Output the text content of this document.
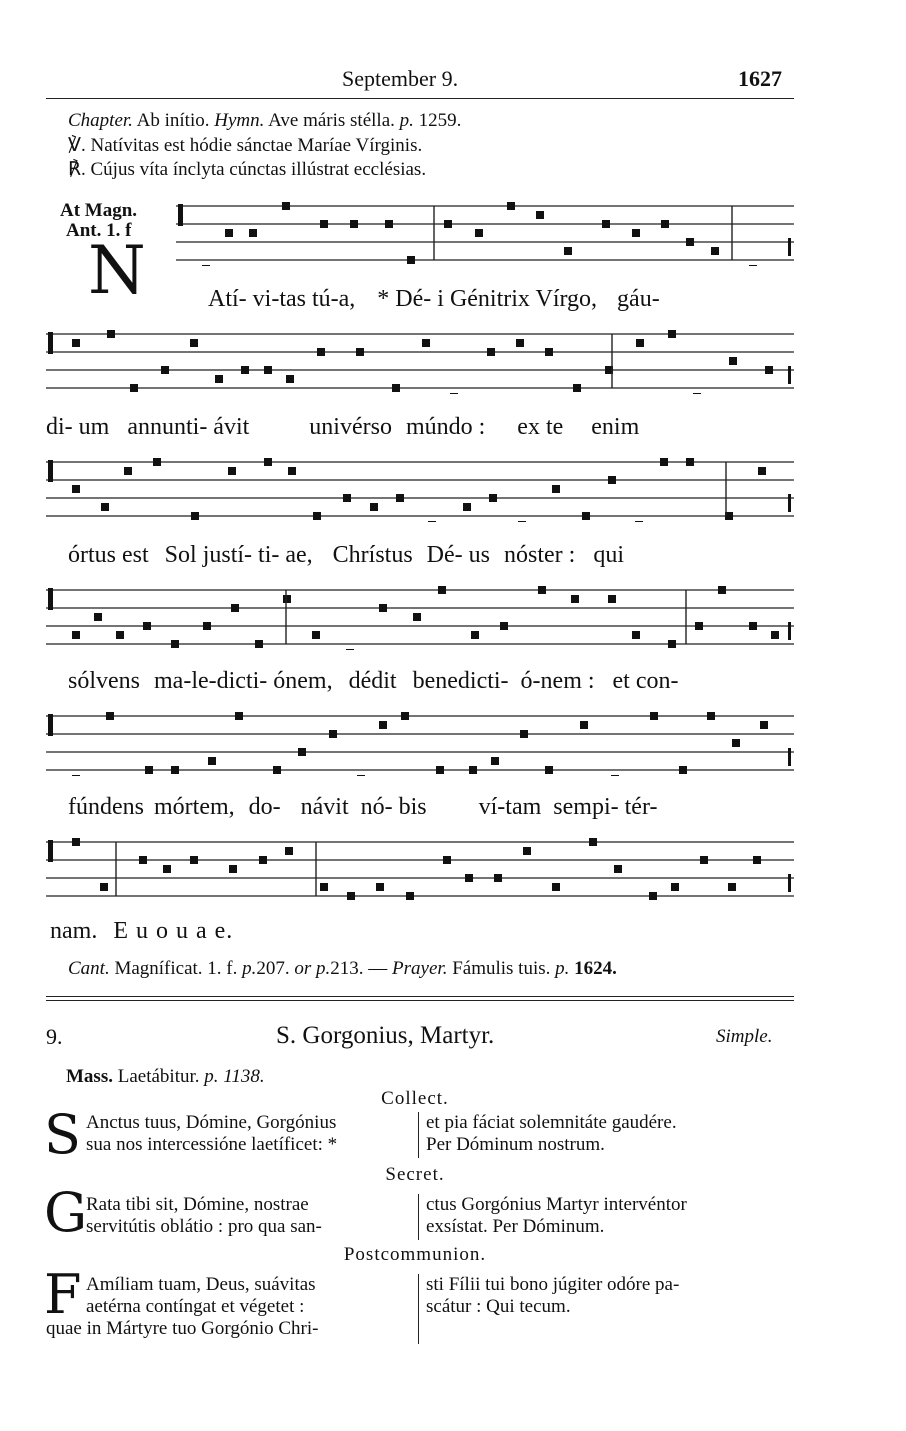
September 9.	1627
Chapter. Ab inítio. Hymn. Ave máris stélla. p. 1259.
℣. Natívitas est hódie sánctae Maríae Vírginis.
℟. Cújus víta ínclyta cúnctas illústrat ecclésias.
At Magn.
Ant. 1. f
N	Atí- vi-tas tú-a, * Dé- i Génitrix Vírgo, gáu-
di- um annunti- ávit	univérso múndo : ex te enim
órtus est Sol justí- ti- ae, Chrístus Dé- us nóster : qui
sólvens ma-le-dicti- ónem, dédit benedicti- ó-nem : et con-
fúndens mórtem, do- návit nó- bis ví-tam sempi- tér-
nam. E u o u a e.
Cant. Magníficat. 1. f. p.207. or p.213. — Prayer. Fámulis tuis. p. 1624.
9.	S. Gorgonius, Martyr.	Simple.
Mass. Laetábitur. p. 1138.
Collect.
S Anctus tuus, Dómine, Gorgónius
sua nos intercessióne laetíficet: *
et pia fáciat solemnitáte gaudére.
Per Dóminum nostrum.
Secret.
G
Rata tibi sit, Dómine, nostrae
servitútis oblátio : pro qua san-
ctus Gorgónius Martyr intervéntor
exsístat. Per Dóminum.
Postcommunion.
F Amíliam tuam, Deus, suávitas
aetérna contíngat et végetet :
quae in Mártyre tuo Gorgónio Chri-
sti Fílii tui bono júgiter odóre pa-
scátur : Qui tecum.
